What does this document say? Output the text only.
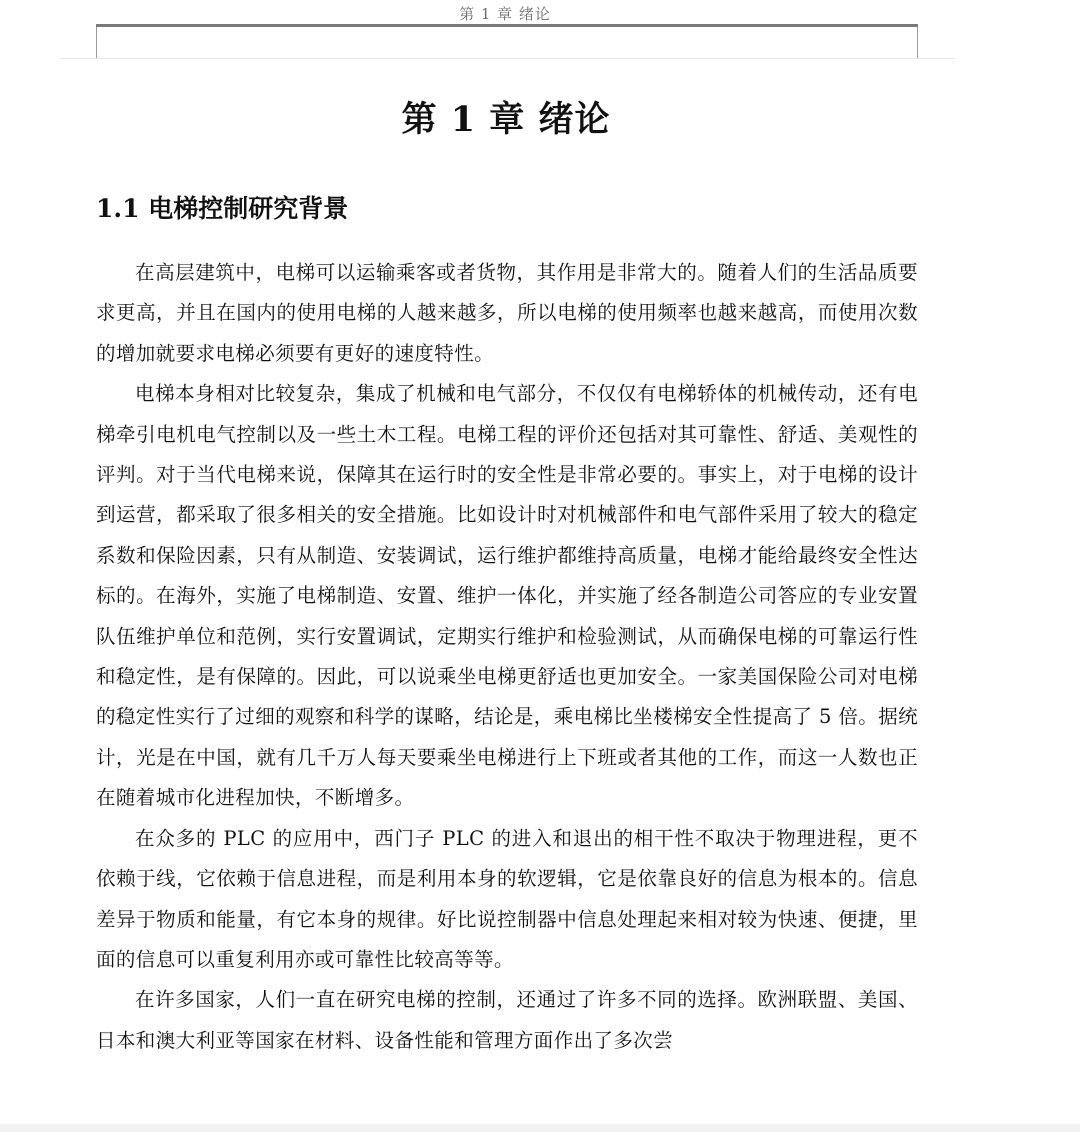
第 1 章 绪论
第 1 章 绪论
1.1 电梯控制研究背景

在高层建筑中，电梯可以运输乘客或者货物，其作用是非常大的。随着人们的生活品质要求更高，并且在国内的使用电梯的人越来越多，所以电梯的使用频率也越来越高，而使用次数的增加就要求电梯必须要有更好的速度特性。

电梯本身相对比较复杂，集成了机械和电气部分，不仅仅有电梯轿体的机械传动，还有电梯牵引电机电气控制以及一些土木工程。电梯工程的评价还包括对其可靠性、舒适、美观性的评判。对于当代电梯来说，保障其在运行时的安全性是非常必要的。事实上，对于电梯的设计到运营，都采取了很多相关的安全措施。比如设计时对机械部件和电气部件采用了较大的稳定系数和保险因素，只有从制造、安装调试，运行维护都维持高质量，电梯才能给最终安全性达标的。在海外，实施了电梯制造、安置、维护一体化，并实施了经各制造公司答应的专业安置队伍维护单位和范例，实行安置调试，定期实行维护和检验测试，从而确保电梯的可靠运行性和稳定性，是有保障的。因此，可以说乘坐电梯更舒适也更加安全。一家美国保险公司对电梯的稳定性实行了过细的观察和科学的谋略，结论是，乘电梯比坐楼梯安全性提高了 5 倍。据统计，光是在中国，就有几千万人每天要乘坐电梯进行上下班或者其他的工作，而这一人数也正在随着城市化进程加快，不断增多。

在众多的 PLC 的应用中，西门子 PLC 的进入和退出的相干性不取决于物理进程，更不依赖于线，它依赖于信息进程，而是利用本身的软逻辑，它是依靠良好的信息为根本的。信息差异于物质和能量，有它本身的规律。好比说控制器中信息处理起来相对较为快速、便捷，里面的信息可以重复利用亦或可靠性比较高等等。

在许多国家，人们一直在研究电梯的控制，还通过了许多不同的选择。欧洲联盟、美国、日本和澳大利亚等国家在材料、设备性能和管理方面作出了多次尝
